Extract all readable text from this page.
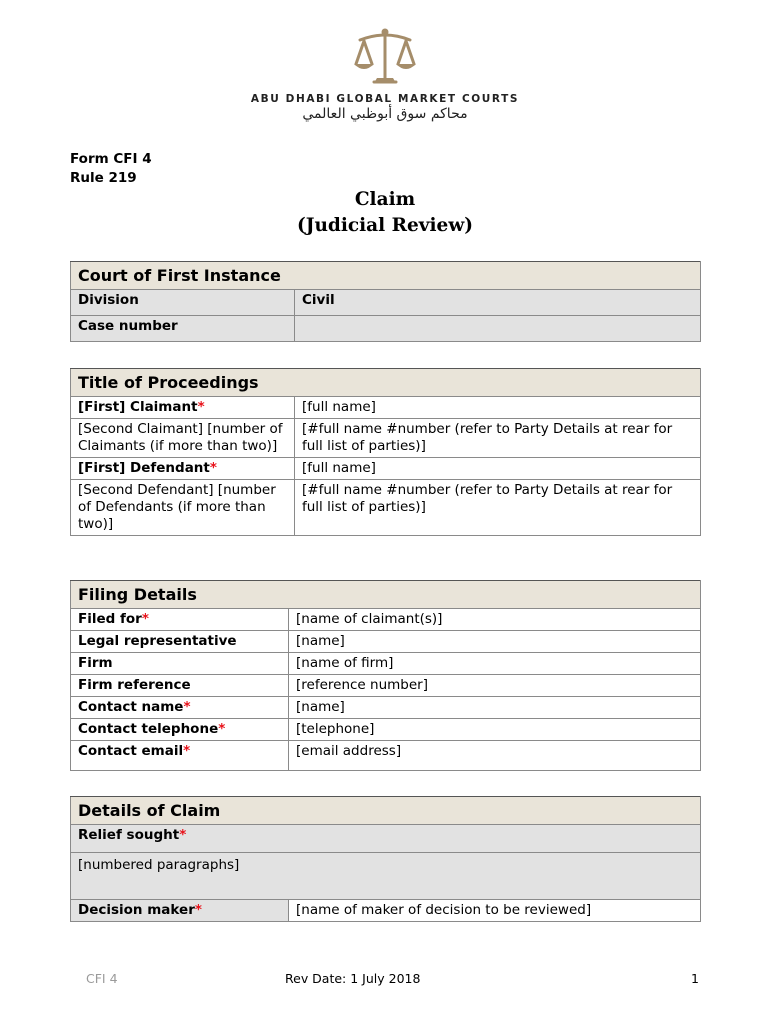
ABU DHABI GLOBAL MARKET COURTS
محاكم سوق أبوظبي العالمي
Form CFI 4
Rule 219
Claim
(Judicial Review)
Court of First Instance	
Division	Civil
Case number	
Title of Proceedings	
[First] Claimant*	[full name]
[Second Claimant] [number of Claimants (if more than two)]	[#full name #number (refer to Party Details at rear for full list of parties)]
[First] Defendant*	[full name]
[Second Defendant] [number of Defendants (if more than two)]	[#full name #number (refer to Party Details at rear for full list of parties)]
Filing Details	
Filed for*	[name of claimant(s)]
Legal representative	[name]
Firm	[name of firm]
Firm reference	[reference number]
Contact name*	[name]
Contact telephone*	[telephone]
Contact email*	[email address]
Details of Claim
Relief sought*
[numbered paragraphs]
Decision maker*	[name of maker of decision to be reviewed]
CFI 4	Rev Date: 1 July 2018	1
